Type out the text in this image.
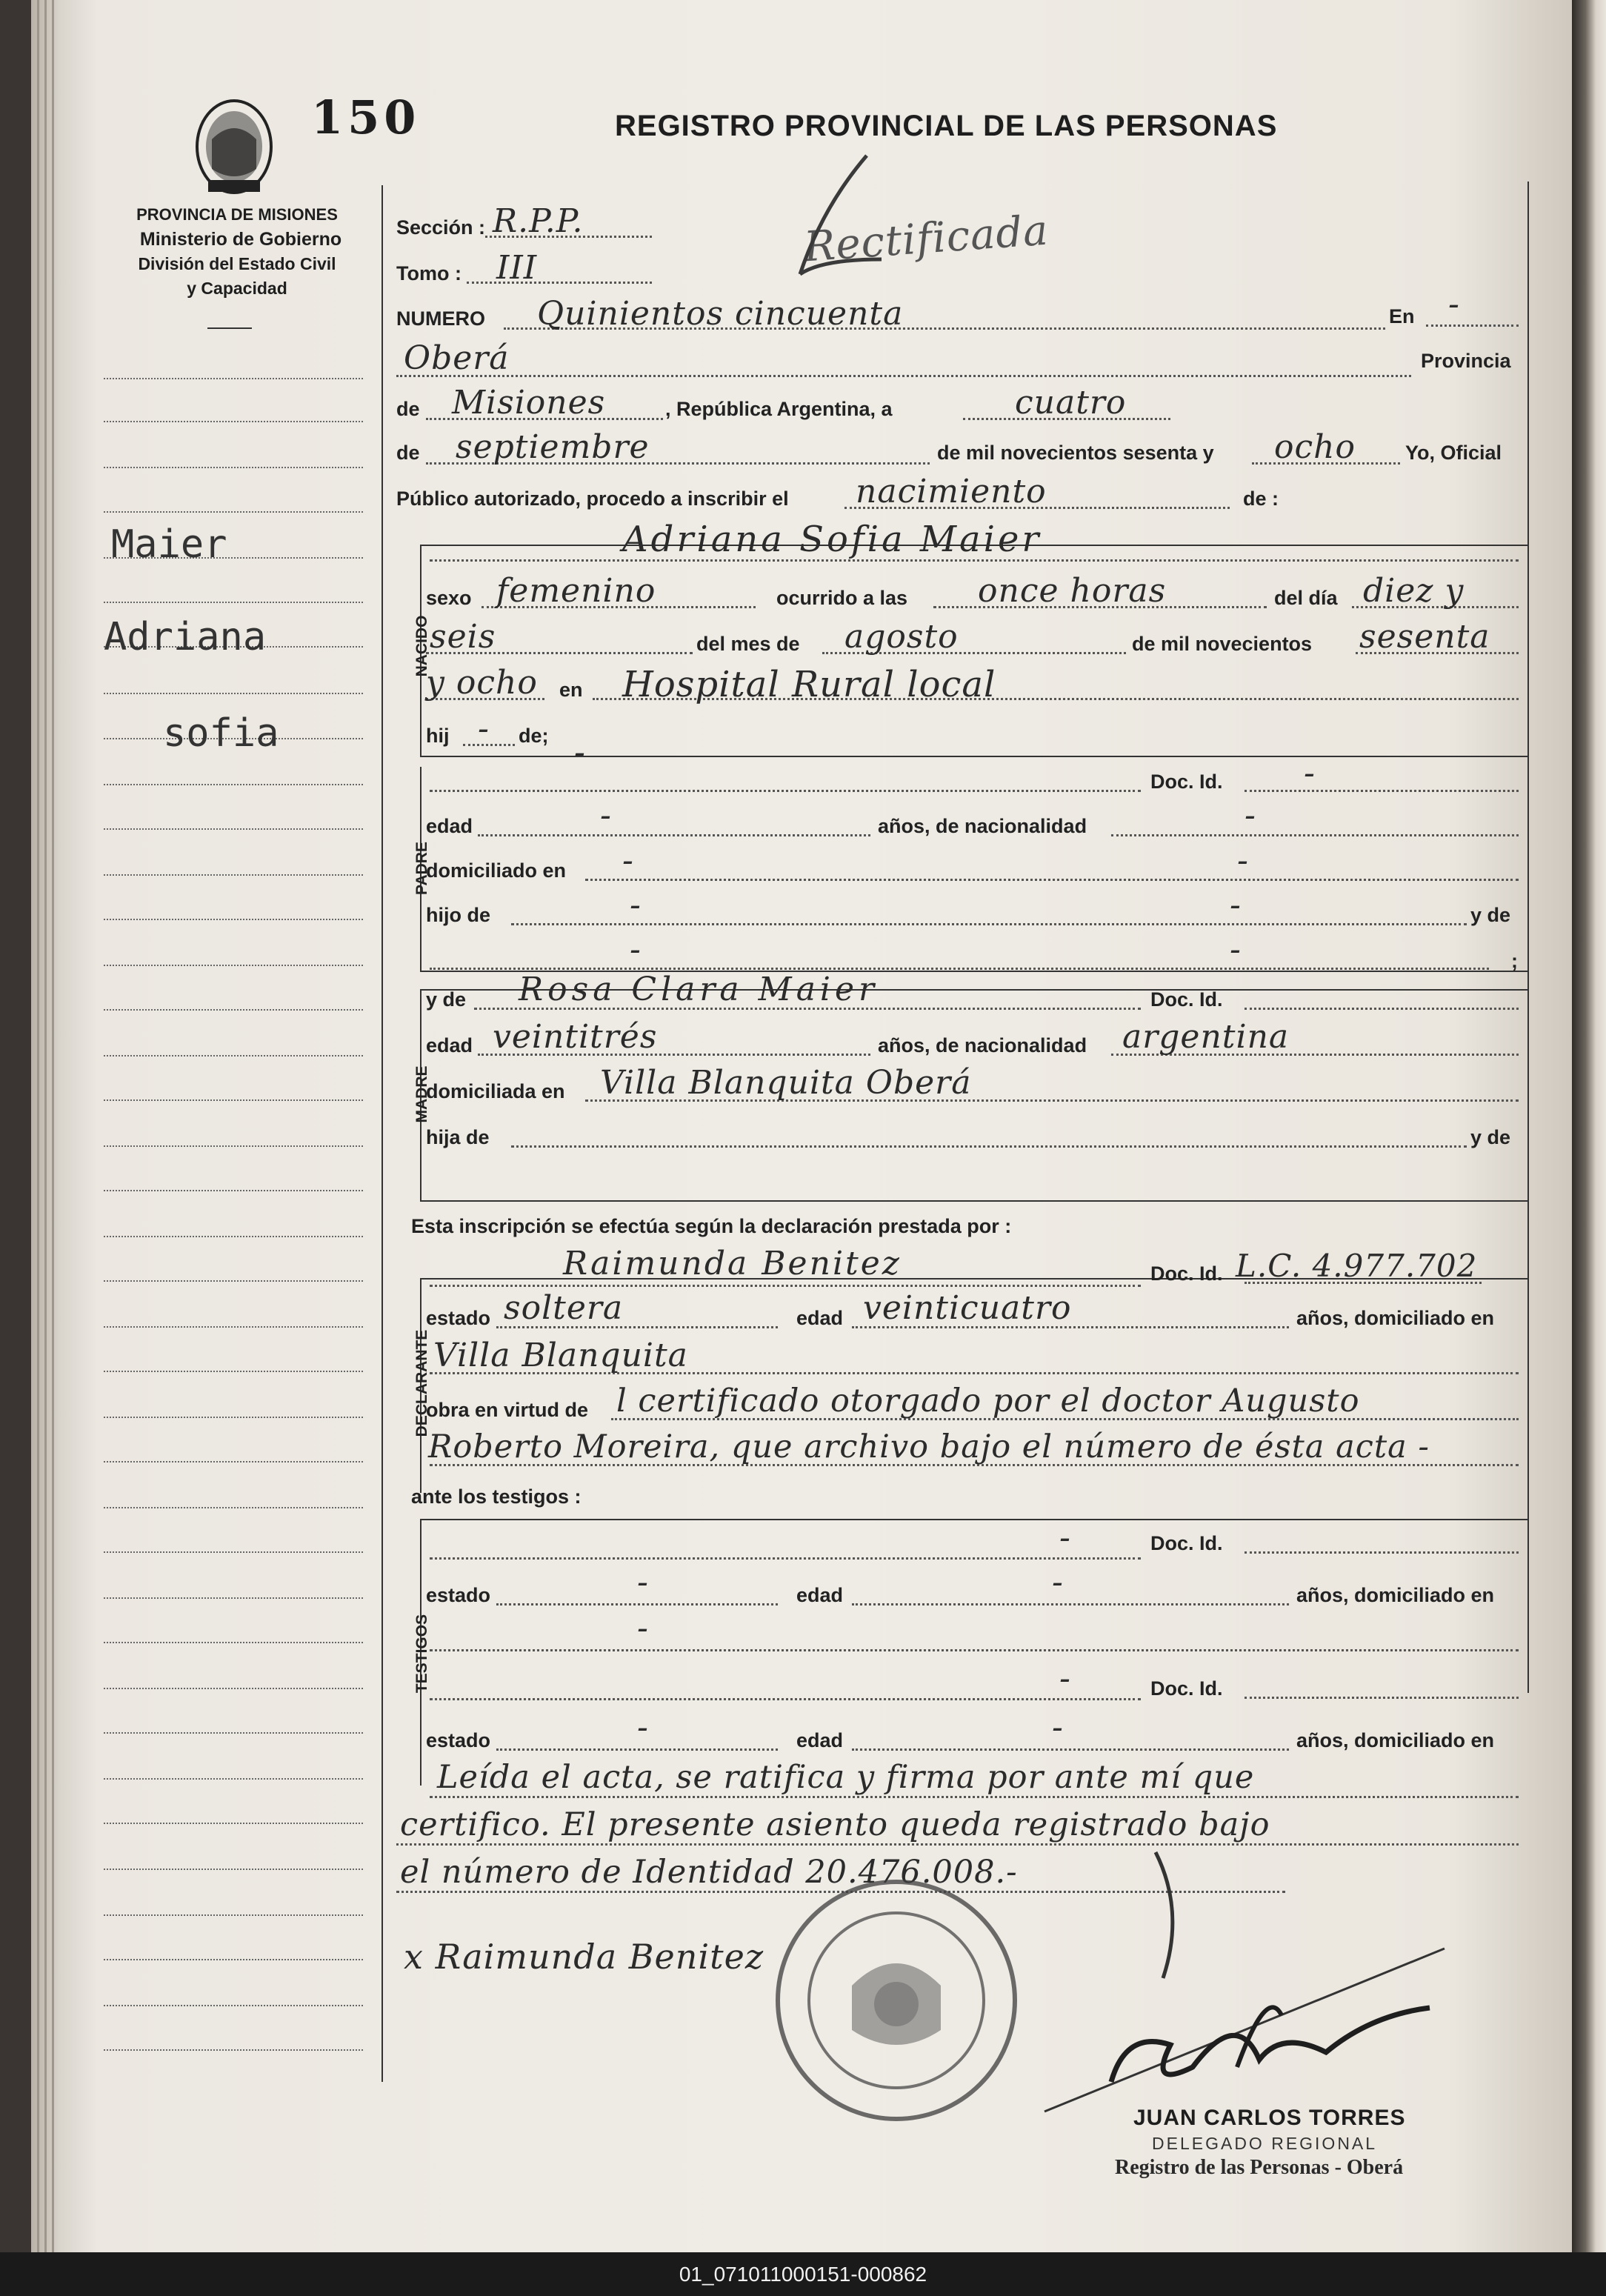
150	REGISTRO PROVINCIAL DE LAS PERSONAS
Rectificada
PROVINCIA DE MISIONES
Ministerio de Gobierno
División del Estado Civil
y Capacidad
Maier
Adriana
sofia
Sección : R.P.P.
Tomo : III
NUMERO Quinientos cincuenta	En -
Oberá	Provincia
de Misiones	, República Argentina, a	cuatro
de septiembre	de mil novecientos sesenta y ocho Yo, Oficial
Público autorizado, procedo a inscribir el nacimiento	de :
NACIDO
Adriana Sofia Maier
sexo femenino	ocurrido a las once horas	del día diez y
seis	del mes de agosto	de mil novecientos sesenta
y ocho en Hospital Rural local
hij - de; -
PADRE
Doc. Id. -
edad	-	años, de nacionalidad	-
domiciliado en -	-
hijo de	-	-	y de
-	-	;
MADRE
y de Rosa Clara Maier	Doc. Id.
edad veintitrés	años, de nacionalidad argentina
domiciliada en Villa Blanquita Oberá
hija de	y de
Esta inscripción se efectúa según la declaración prestada por :
DECLARANTE
Raimunda Benitez	Doc. Id. L.C. 4.977.702
estado soltera	edad veinticuatro	años, domiciliado en
Villa Blanquita
obra en virtud de l certificado otorgado por el doctor Augusto
Roberto Moreira, que archivo bajo el número de ésta acta -
ante los testigos :
TESTIGOS
-	Doc. Id.
estado	-	edad	-	años, domiciliado en
-
-	Doc. Id.
estado	-	edad	-	años, domiciliado en
Leída el acta, se ratifica y firma por ante mí que
certifico. El presente asiento queda registrado bajo
el número de Identidad 20.476.008.-
x Raimunda Benitez
JUAN CARLOS TORRES
DELEGADO REGIONAL
Registro de las Personas - Oberá
01_071011000151-000862
